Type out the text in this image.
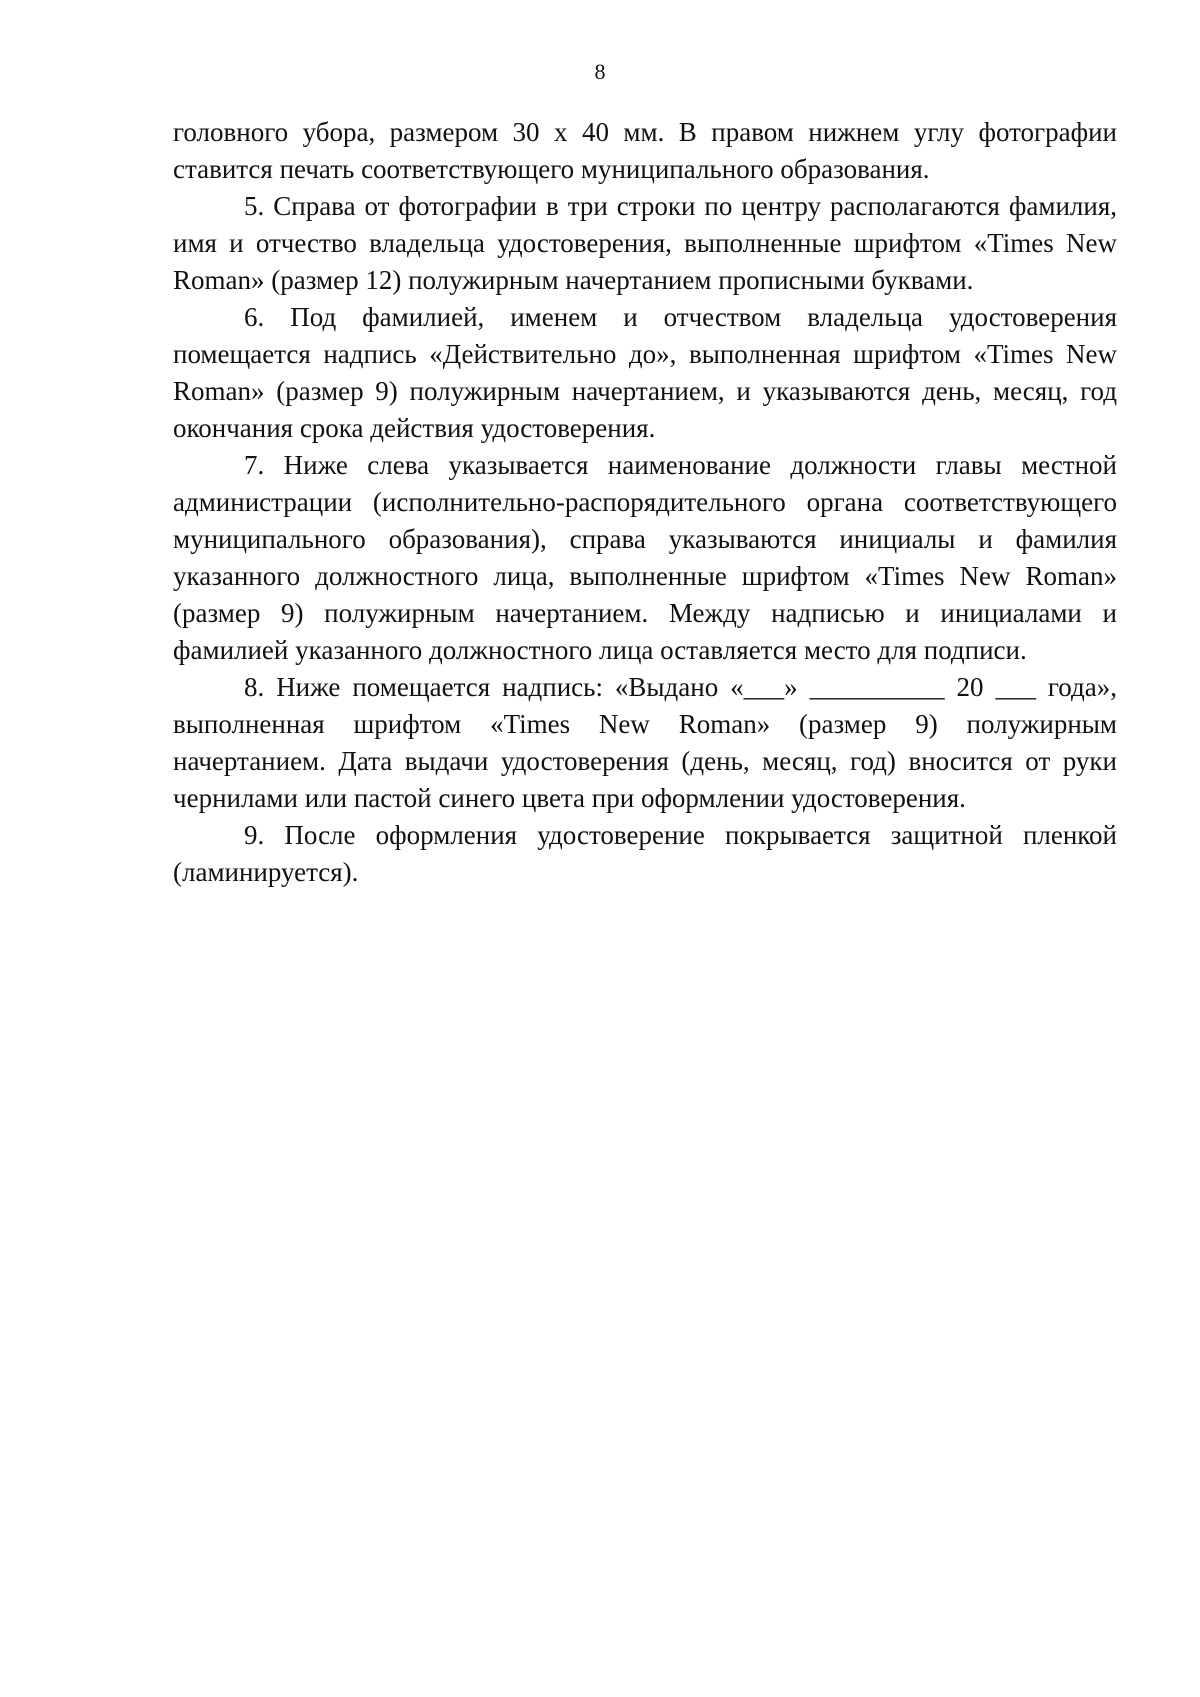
8

головного убора, размером 30 х 40 мм. В правом нижнем углу фотографии ставится печать соответствующего муниципального образования.

5. Справа от фотографии в три строки по центру располагаются фамилия, имя и отчество владельца удостоверения, выполненные шрифтом «Times New Roman» (размер 12) полужирным начертанием прописными буквами.

6. Под фамилией, именем и отчеством владельца удостоверения помещается надпись «Действительно до», выполненная шрифтом «Times New Roman» (размер 9) полужирным начертанием, и указываются день, месяц, год окончания срока действия удостоверения.

7. Ниже слева указывается наименование должности главы местной администрации (исполнительно-распорядительного органа соответствующего муниципального образования), справа указываются инициалы и фамилия указанного должностного лица, выполненные шрифтом «Times New Roman» (размер 9) полужирным начертанием. Между надписью и инициалами и фамилией указанного должностного лица оставляется место для подписи.

8. Ниже помещается надпись: «Выдано «___» __________ 20 ___ года», выполненная шрифтом «Times New Roman» (размер 9) полужирным начертанием. Дата выдачи удостоверения (день, месяц, год) вносится от руки чернилами или пастой синего цвета при оформлении удостоверения.

9. После оформления удостоверение покрывается защитной пленкой (ламинируется).
